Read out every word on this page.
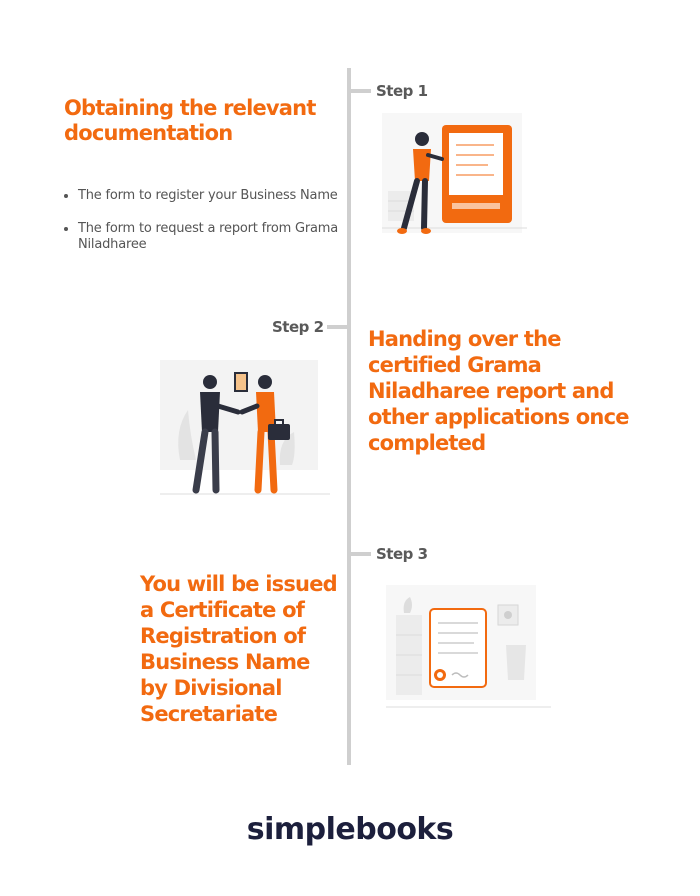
Step 1
Step 2
Step 3
Obtaining the relevant documentation
• The form to register your Business Name
• The form to request a report from Grama Niladharee
Handing over the certified Grama Niladharee report and other applications once completed
You will be issued a Certificate of Registration of Business Name by Divisional Secretariate
simplebooks
